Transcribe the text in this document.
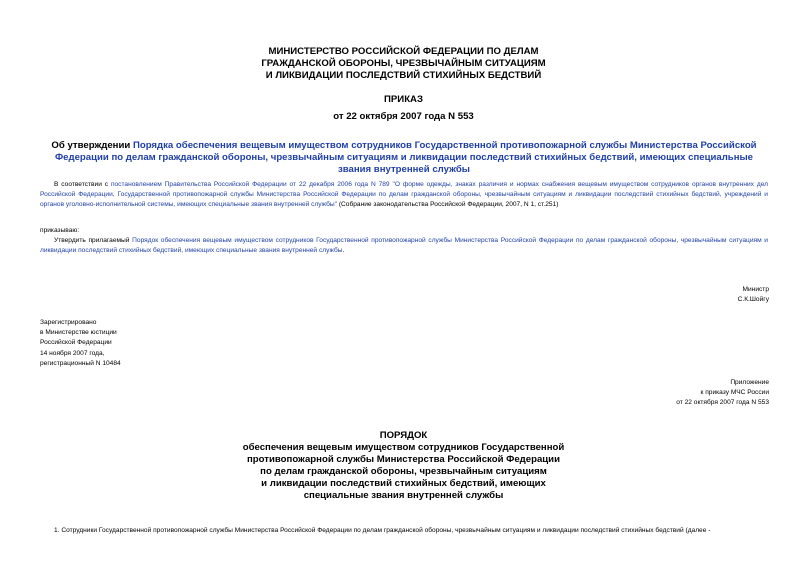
МИНИСТЕРСТВО РОССИЙСКОЙ ФЕДЕРАЦИИ ПО ДЕЛАМ
ГРАЖДАНСКОЙ ОБОРОНЫ, ЧРЕЗВЫЧАЙНЫМ СИТУАЦИЯМ
И ЛИКВИДАЦИИ ПОСЛЕДСТВИЙ СТИХИЙНЫХ БЕДСТВИЙ
ПРИКАЗ
от 22 октября 2007 года N 553
Об утверждении Порядка обеспечения вещевым имуществом сотрудников Государственной противопожарной службы Министерства Российской Федерации по делам гражданской обороны, чрезвычайным ситуациям и ликвидации последствий стихийных бедствий, имеющих специальные звания внутренней службы
В соответствии с постановлением Правительства Российской Федерации от 22 декабря 2006 года N 789 "О форме одежды, знаках различия и нормах снабжения вещевым имуществом сотрудников органов внутренних дел Российской Федерации, Государственной противопожарной службы Министерства Российской Федерации по делам гражданской обороны, чрезвычайным ситуациям и ликвидации последствий стихийных бедствий, учреждений и органов уголовно-исполнительной системы, имеющих специальные звания внутренней службы" (Собрание законодательства Российской Федерации, 2007, N 1, ст.251)
приказываю:
Утвердить прилагаемый Порядок обеспечения вещевым имуществом сотрудников Государственной противопожарной службы Министерства Российской Федерации по делам гражданской обороны, чрезвычайным ситуациям и ликвидации последствий стихийных бедствий, имеющих специальные звания внутренней службы.
Министр
С.К.Шойгу
Зарегистрировано
в Министерстве юстиции
Российской Федерации
14 ноября 2007 года,
регистрационный N 10484
Приложение
к приказу МЧС России
от 22 октября 2007 года N 553
ПОРЯДОК
обеспечения вещевым имуществом сотрудников Государственной
противопожарной службы Министерства Российской Федерации
по делам гражданской обороны, чрезвычайным ситуациям
и ликвидации последствий стихийных бедствий, имеющих
специальные звания внутренней службы
1. Сотрудники Государственной противопожарной службы Министерства Российской Федерации по делам гражданской обороны, чрезвычайным ситуациям и ликвидации последствий стихийных бедствий (далее -
